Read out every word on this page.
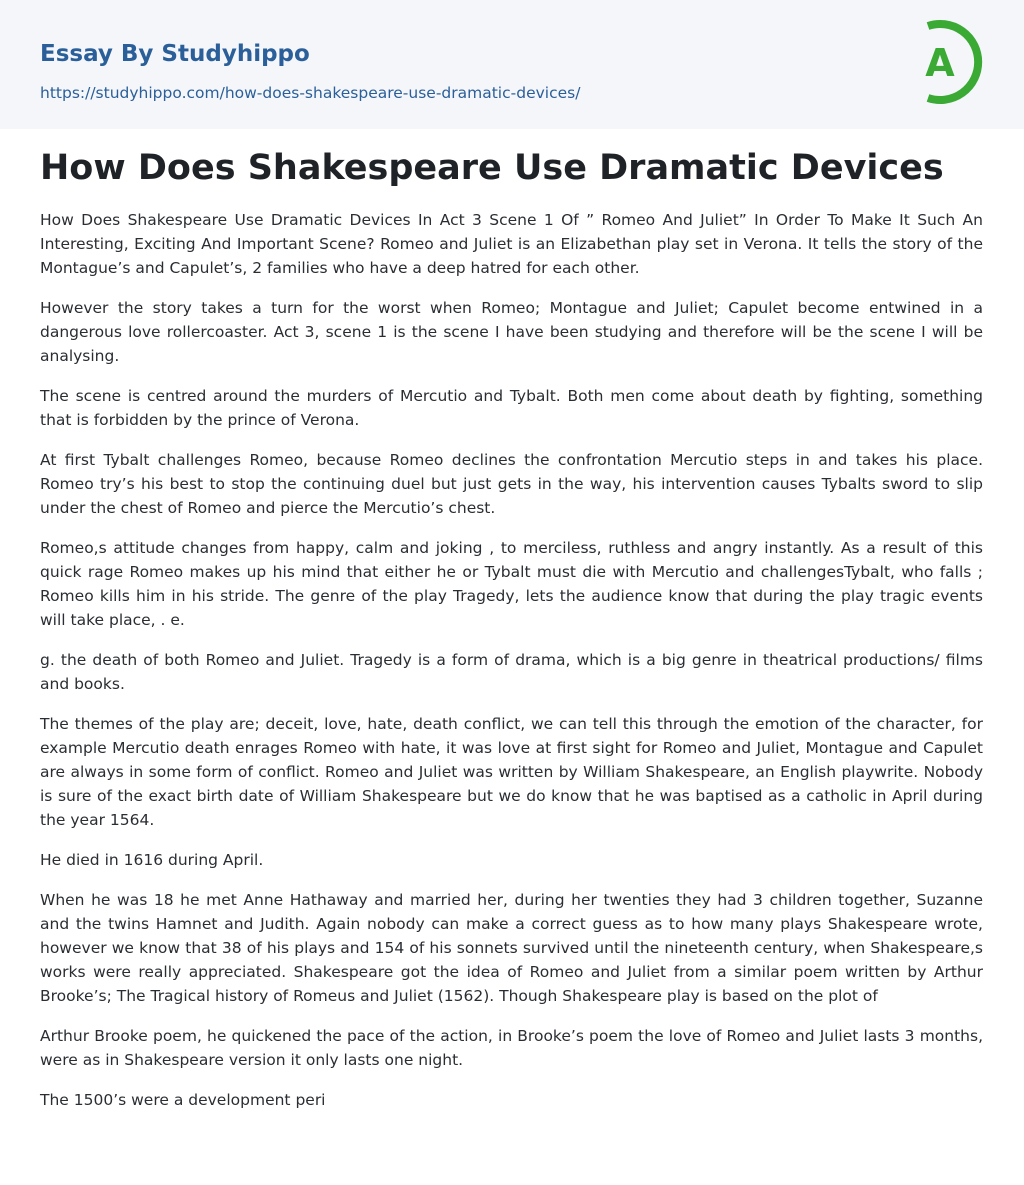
Essay By Studyhippo
https://studyhippo.com/how-does-shakespeare-use-dramatic-devices/
A
How Does Shakespeare Use Dramatic Devices

How Does Shakespeare Use Dramatic Devices In Act 3 Scene 1 Of ” Romeo And Juliet” In Order To Make It Such An Interesting, Exciting And Important Scene? Romeo and Juliet is an Elizabethan play set in Verona. It tells the story of the Montague’s and Capulet’s, 2 families who have a deep hatred for each other.

However the story takes a turn for the worst when Romeo; Montague and Juliet; Capulet become entwined in a dangerous love rollercoaster. Act 3, scene 1 is the scene I have been studying and therefore will be the scene I will be analysing.

The scene is centred around the murders of Mercutio and Tybalt. Both men come about death by fighting, something that is forbidden by the prince of Verona.

At first Tybalt challenges Romeo, because Romeo declines the confrontation Mercutio steps in and takes his place. Romeo try’s his best to stop the continuing duel but just gets in the way, his intervention causes Tybalts sword to slip under the chest of Romeo and pierce the Mercutio’s chest.

Romeo,s attitude changes from happy, calm and joking , to merciless, ruthless and angry instantly. As a result of this quick rage Romeo makes up his mind that either he or Tybalt must die with Mercutio and challengesTybalt, who falls ; Romeo kills him in his stride. The genre of the play Tragedy, lets the audience know that during the play tragic events will take place, . e.

g. the death of both Romeo and Juliet. Tragedy is a form of drama, which is a big genre in theatrical productions/ films and books.

The themes of the play are; deceit, love, hate, death conflict, we can tell this through the emotion of the character, for example Mercutio death enrages Romeo with hate, it was love at first sight for Romeo and Juliet, Montague and Capulet are always in some form of conflict. Romeo and Juliet was written by William Shakespeare, an English playwrite. Nobody is sure of the exact birth date of William Shakespeare but we do know that he was baptised as a catholic in April during the year 1564.

He died in 1616 during April.

When he was 18 he met Anne Hathaway and married her, during her twenties they had 3 children together, Suzanne and the twins Hamnet and Judith. Again nobody can make a correct guess as to how many plays Shakespeare wrote, however we know that 38 of his plays and 154 of his sonnets survived until the nineteenth century, when Shakespeare,s works were really appreciated. Shakespeare got the idea of Romeo and Juliet from a similar poem written by Arthur Brooke’s; The Tragical history of Romeus and Juliet (1562). Though Shakespeare play is based on the plot of

Arthur Brooke poem, he quickened the pace of the action, in Brooke’s poem the love of Romeo and Juliet lasts 3 months, were as in Shakespeare version it only lasts one night.

The 1500’s were a development peri
